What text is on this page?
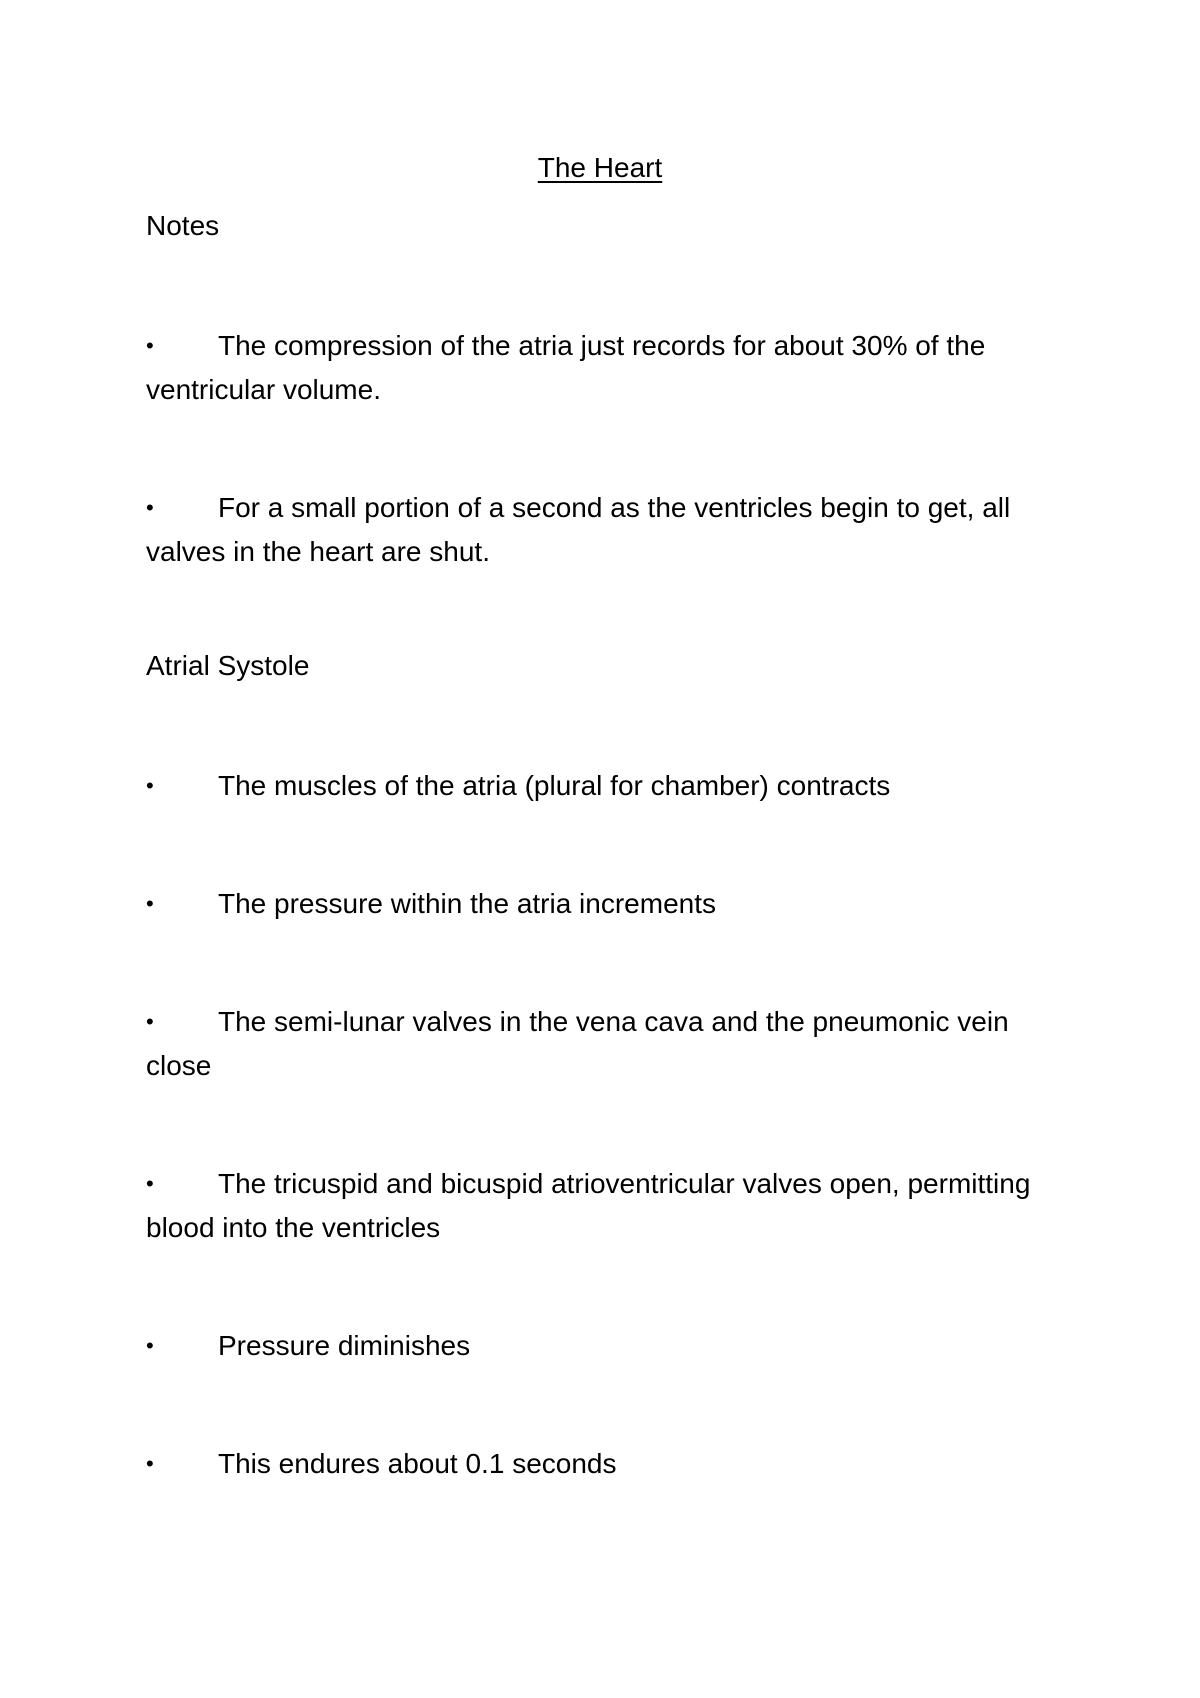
The Heart
Notes
•The compression of the atria just records for about 30% of the ventricular volume.
•For a small portion of a second as the ventricles begin to get, all valves in the heart are shut.
Atrial Systole
•The muscles of the atria (plural for chamber) contracts
•The pressure within the atria increments
•The semi-lunar valves in the vena cava and the pneumonic vein close
•The tricuspid and bicuspid atrioventricular valves open, permitting blood into the ventricles
•Pressure diminishes
•This endures about 0.1 seconds
